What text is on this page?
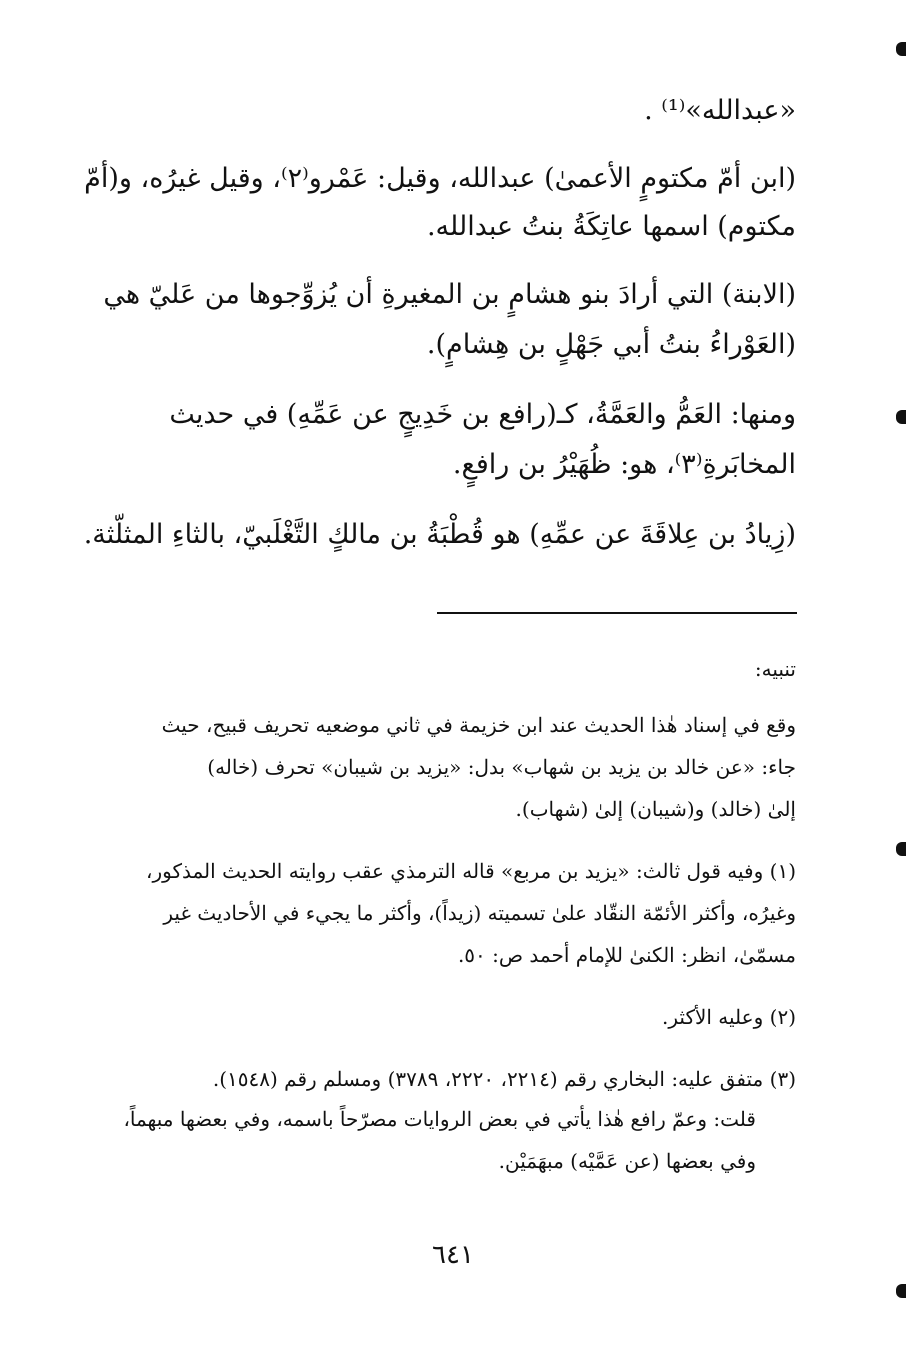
«عبدالله»⁽¹⁾ .
(ابن أمّ مكتومٍ الأعمىٰ) عبدالله، وقيل: عَمْرو⁽٢⁾، وقيل غيرُه، و(أمّ
مكتوم) اسمها عاتِكَةُ بنتُ عبدالله.
(الابنة) التي أرادَ بنو هشامٍ بن المغيرةِ أن يُزوِّجوها من عَليّ هي
(العَوْراءُ بنتُ أبي جَهْلٍ بن هِشامٍ).
ومنها: العَمُّ والعَمَّةُ، كـ(رافع بن خَدِيجٍ عن عَمِّهِ) في حديث
المخابَرةِ⁽٣⁾، هو: ظُهَيْرُ بن رافعٍ.
(زِيادُ بن عِلاقَةَ عن عمِّهِ) هو قُطْبَةُ بن مالكٍ التَّغْلَبيّ، بالثاءِ المثلّثة.
تنبيه:
وقع في إسناد هٰذا الحديث عند ابن خزيمة في ثاني موضعيه تحريف قبيح، حيث
جاء: «عن خالد بن يزيد بن شهاب» بدل: «يزيد بن شيبان» تحرف (خاله)
إلىٰ (خالد) و(شيبان) إلىٰ (شهاب).
(١) وفيه قول ثالث: «يزيد بن مربع» قاله الترمذي عقب روايته الحديث المذكور،
وغيرُه، وأكثر الأئمّة النقّاد علىٰ تسميته (زيداً)، وأكثر ما يجيء في الأحاديث غير
مسمّىٰ، انظر: الكنىٰ للإمام أحمد ص: ٥٠.
(٢) وعليه الأكثر.
(٣) متفق عليه: البخاري رقم (٢٢١٤، ٢٢٢٠، ٣٧٨٩) ومسلم رقم (١٥٤٨).
قلت: وعمّ رافع هٰذا يأتي في بعض الروايات مصرّحاً باسمه، وفي بعضها مبهماً،
وفي بعضها (عن عَمَّيْه) مبهَمَيْن.
٦٤١
